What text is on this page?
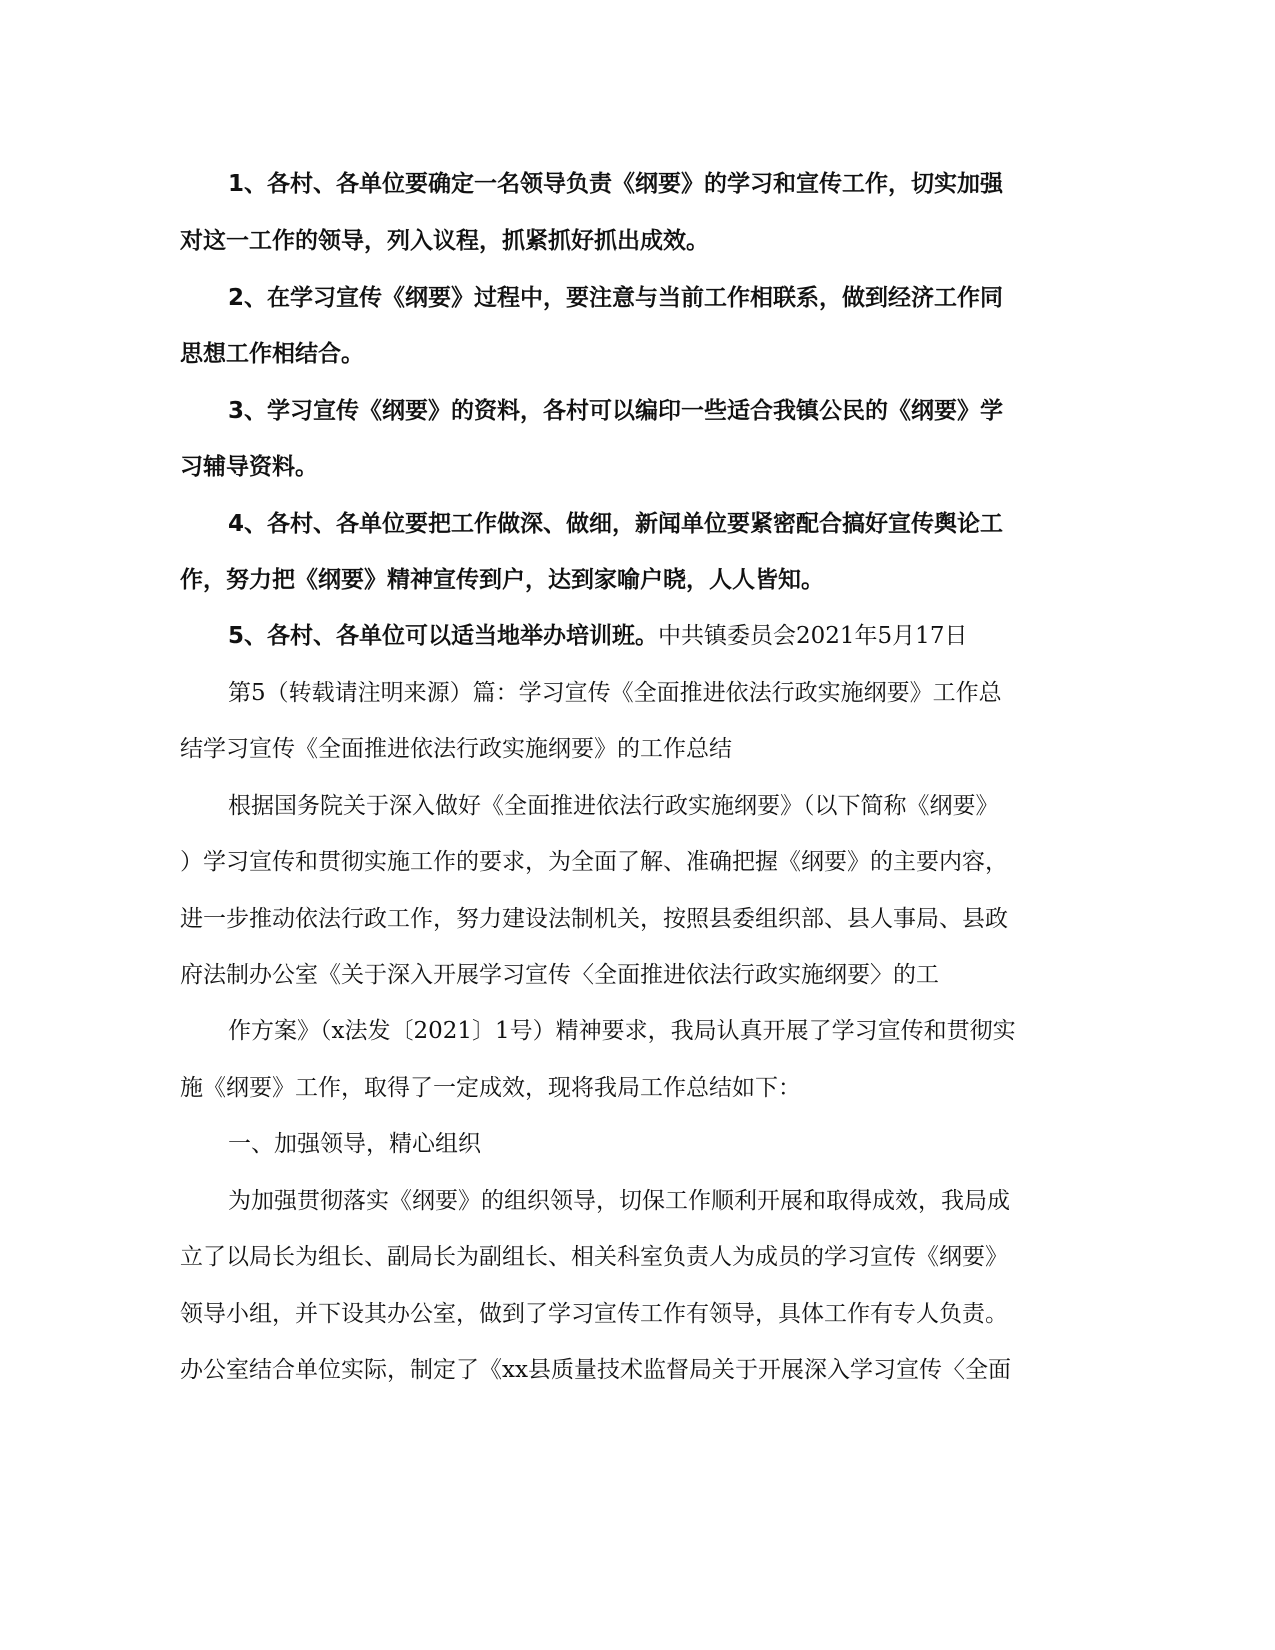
1、各村、各单位要确定一名领导负责《纲要》的学习和宣传工作，切实加强
对这一工作的领导，列入议程，抓紧抓好抓出成效。
2、在学习宣传《纲要》过程中，要注意与当前工作相联系，做到经济工作同
思想工作相结合。
3、学习宣传《纲要》的资料，各村可以编印一些适合我镇公民的《纲要》学
习辅导资料。
4、各村、各单位要把工作做深、做细，新闻单位要紧密配合搞好宣传舆论工
作，努力把《纲要》精神宣传到户，达到家喻户晓，人人皆知。
5、各村、各单位可以适当地举办培训班。中共镇委员会2021年5月17日
第5（转载请注明来源）篇：学习宣传《全面推进依法行政实施纲要》工作总
结学习宣传《全面推进依法行政实施纲要》的工作总结
根据国务院关于深入做好《全面推进依法行政实施纲要》（以下简称《纲要》
）学习宣传和贯彻实施工作的要求，为全面了解、准确把握《纲要》的主要内容，
进一步推动依法行政工作，努力建设法制机关，按照县委组织部、县人事局、县政
府法制办公室《关于深入开展学习宣传〈全面推进依法行政实施纲要〉的工
作方案》（x法发〔2021〕1号）精神要求，我局认真开展了学习宣传和贯彻实
施《纲要》工作，取得了一定成效，现将我局工作总结如下：
一、加强领导，精心组织
为加强贯彻落实《纲要》的组织领导，切保工作顺利开展和取得成效，我局成
立了以局长为组长、副局长为副组长、相关科室负责人为成员的学习宣传《纲要》
领导小组，并下设其办公室，做到了学习宣传工作有领导，具体工作有专人负责。
办公室结合单位实际，制定了《xx县质量技术监督局关于开展深入学习宣传〈全面
